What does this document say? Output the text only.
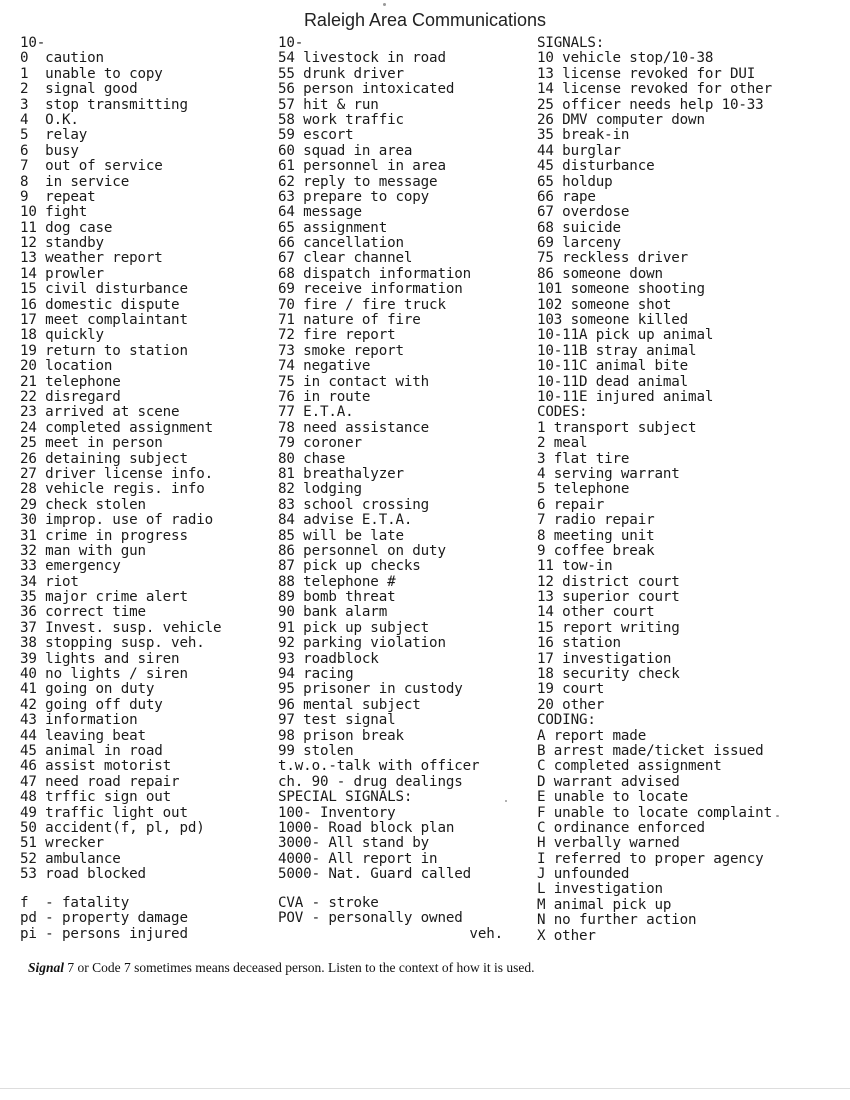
Raleigh Area Communications
10-
0  caution
1  unable to copy
2  signal good
3  stop transmitting
4  O.K.
5  relay
6  busy
7  out of service
8  in service
9  repeat
10 fight
11 dog case
12 standby
13 weather report
14 prowler
15 civil disturbance
16 domestic dispute
17 meet complaintant
18 quickly
19 return to station
20 location
21 telephone
22 disregard
23 arrived at scene
24 completed assignment
25 meet in person
26 detaining subject
27 driver license info.
28 vehicle regis. info
29 check stolen
30 improp. use of radio
31 crime in progress
32 man with gun
33 emergency
34 riot
35 major crime alert
36 correct time
37 Invest. susp. vehicle
38 stopping susp. veh.
39 lights and siren
40 no lights / siren
41 going on duty
42 going off duty
43 information
44 leaving beat
45 animal in road
46 assist motorist
47 need road repair
48 trffic sign out
49 traffic light out
50 accident(f, pl, pd)
51 wrecker
52 ambulance
53 road blocked
10-
54 livestock in road
55 drunk driver
56 person intoxicated
57 hit & run
58 work traffic
59 escort
60 squad in area
61 personnel in area
62 reply to message
63 prepare to copy
64 message
65 assignment
66 cancellation
67 clear channel
68 dispatch information
69 receive information
70 fire / fire truck
71 nature of fire
72 fire report
73 smoke report
74 negative
75 in contact with
76 in route
77 E.T.A.
78 need assistance
79 coroner
80 chase
81 breathalyzer
82 lodging
83 school crossing
84 advise E.T.A.
85 will be late
86 personnel on duty
87 pick up checks
88 telephone #
89 bomb threat
90 bank alarm
91 pick up subject
92 parking violation
93 roadblock
94 racing
95 prisoner in custody
96 mental subject
97 test signal
98 prison break
99 stolen
t.w.o.-talk with officer
ch. 90 - drug dealings
SPECIAL SIGNALS:
100- Inventory
1000- Road block plan
3000- All stand by
4000- All report in
5000- Nat. Guard called
SIGNALS:
10 vehicle stop/10-38
13 license revoked for DUI
14 license revoked for other
25 officer needs help 10-33
26 DMV computer down
35 break-in
44 burglar
45 disturbance
65 holdup
66 rape
67 overdose
68 suicide
69 larceny
75 reckless driver
86 someone down
101 someone shooting
102 someone shot
103 someone killed
10-11A pick up animal
10-11B stray animal
10-11C animal bite
10-11D dead animal
10-11E injured animal
CODES:
1 transport subject
2 meal
3 flat tire
4 serving warrant
5 telephone
6 repair
7 radio repair
8 meeting unit
9 coffee break
11 tow-in
12 district court
13 superior court
14 other court
15 report writing
16 station
17 investigation
18 security check
19 court
20 other
CODING:
A report made
B arrest made/ticket issued
C completed assignment
D warrant advised
E unable to locate
F unable to locate complaint
C ordinance enforced
H verbally warned
I referred to proper agency
J unfounded
L investigation
M animal pick up
N no further action
X other
f  - fatality
pd - property damage
pi - persons injured
CVA - stroke
POV - personally owned
veh.
Signal 7 or Code 7 sometimes means deceased person. Listen to the context of how it is used.
